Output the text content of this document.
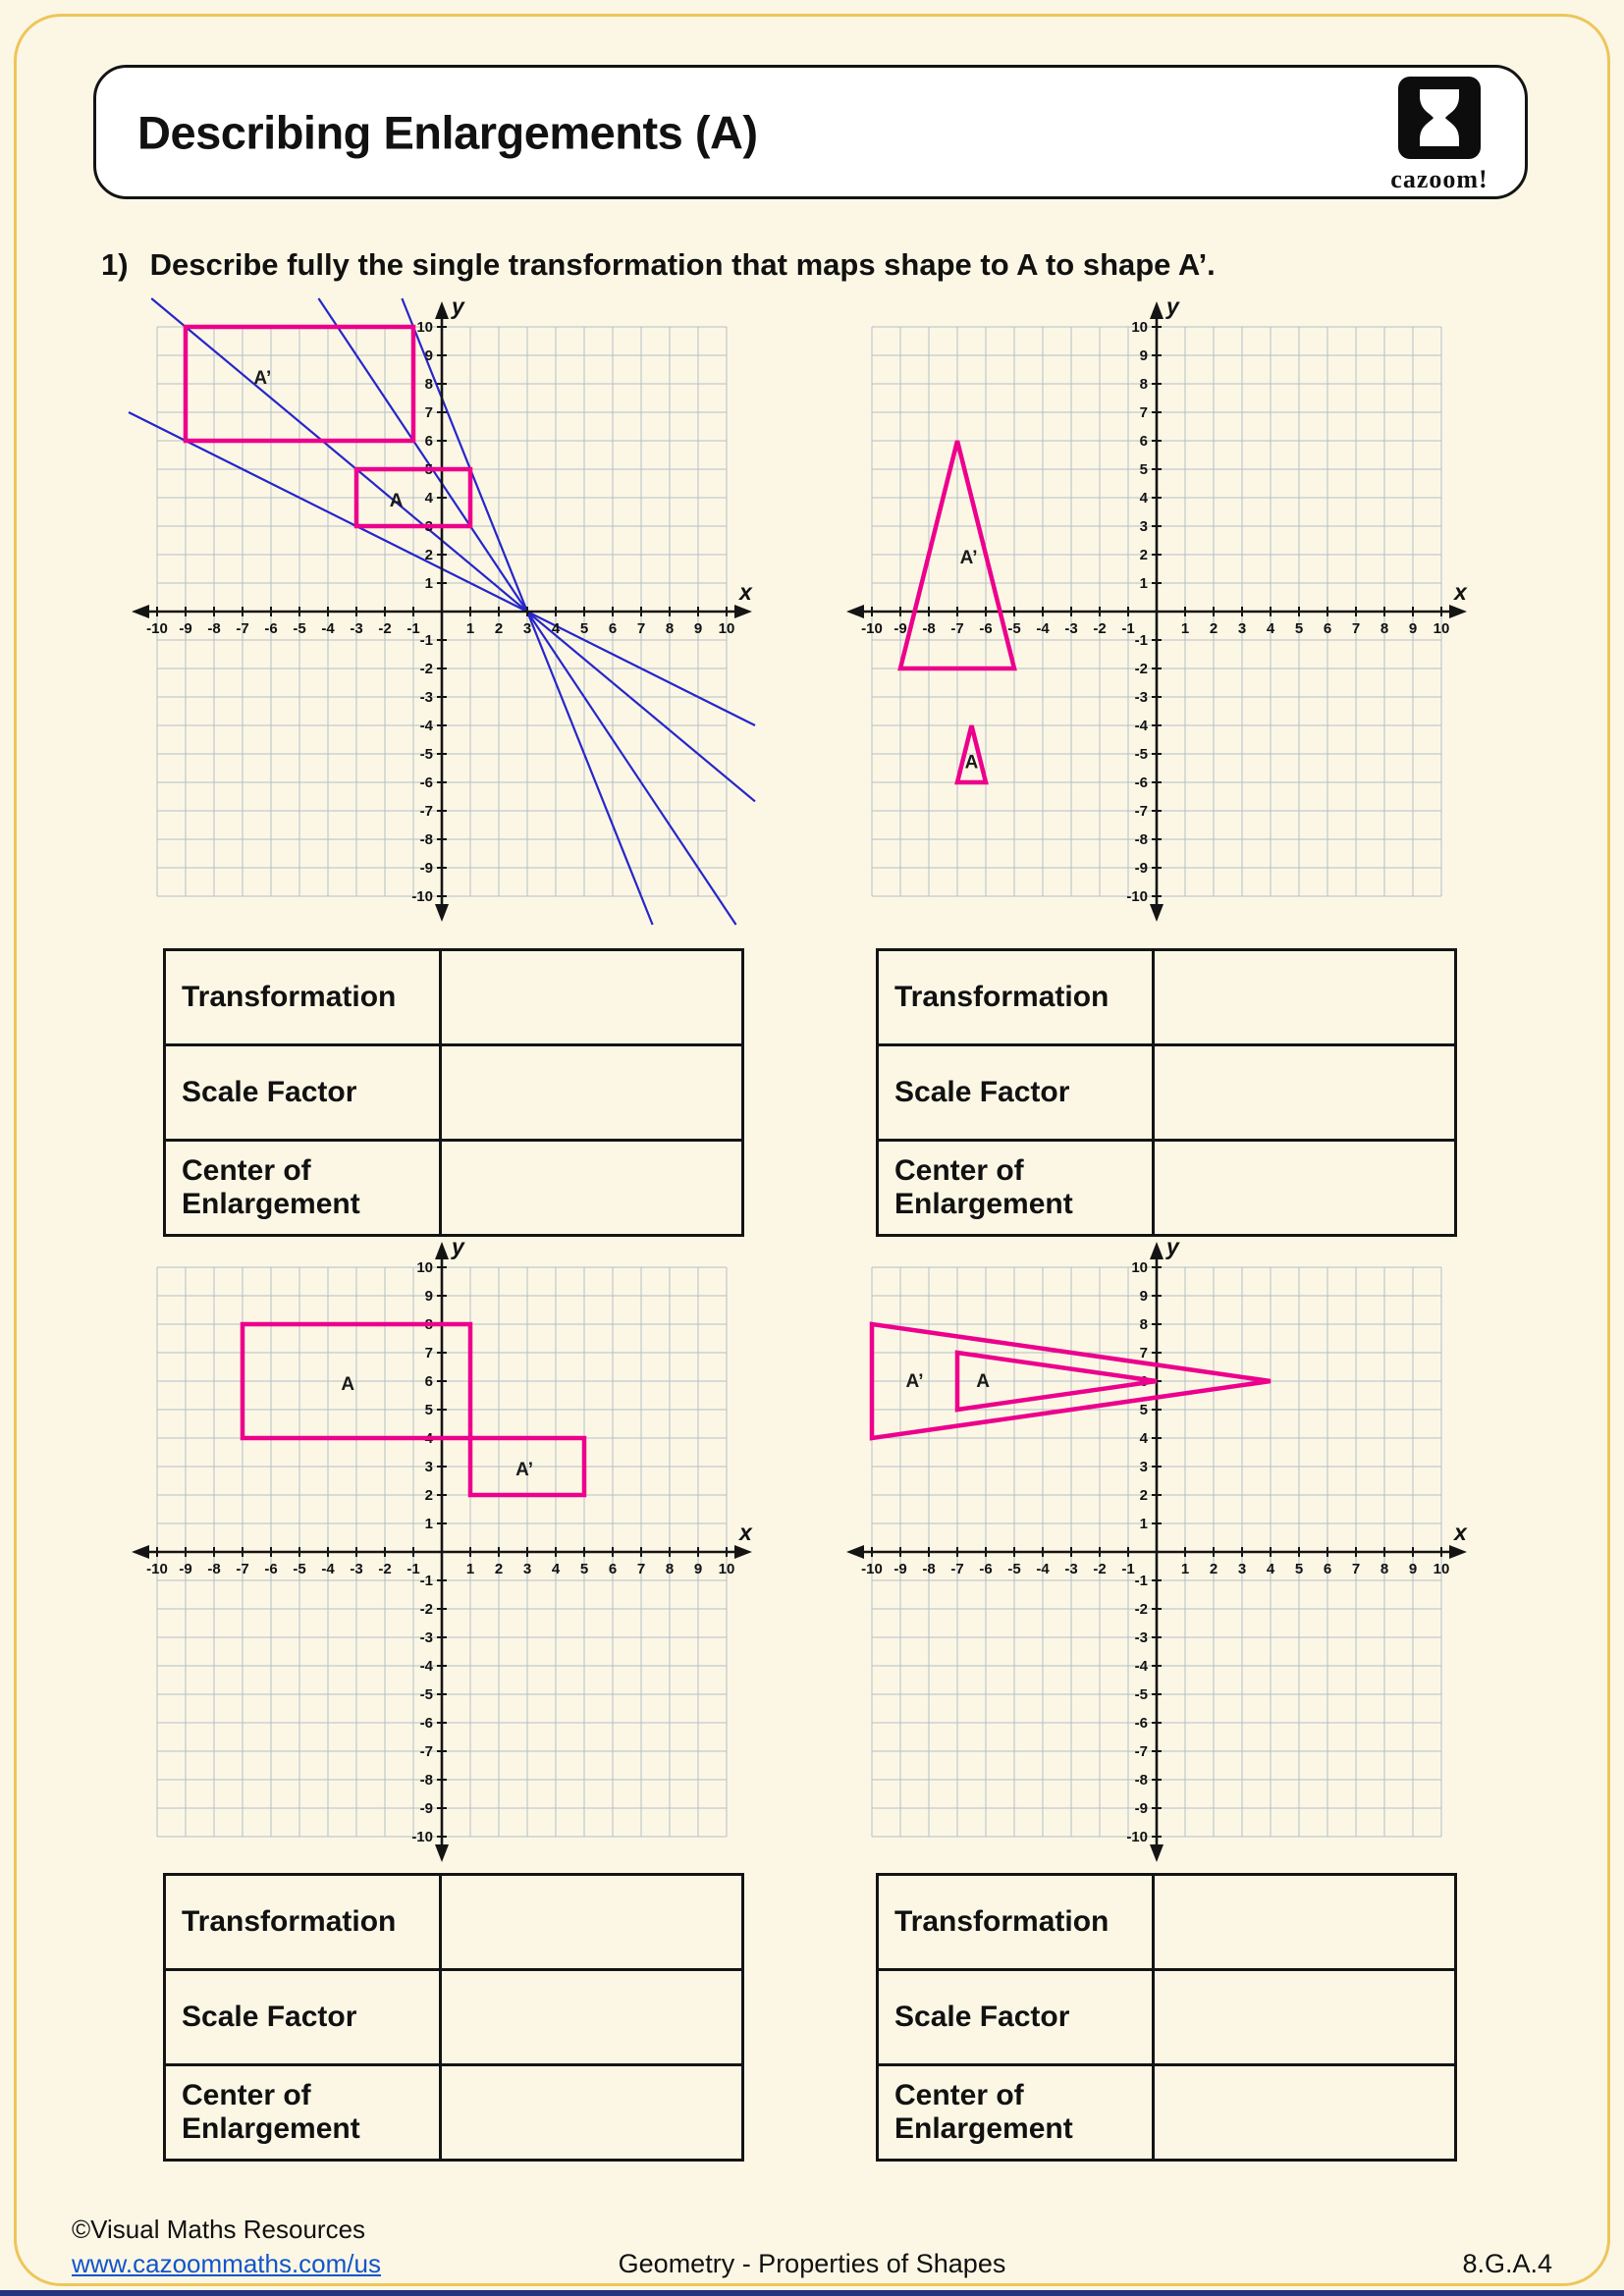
Describing Enlargements (A)
cazoom!
1) Describe fully the single transformation that maps shape to A to shape A’.
-10 -9 -8 -7 -6 -5 -4 -3 -2 -1	1 2 3 4 5 6 7 8 9 10
-10
-9
-8
-7
-6
-5
-4
-3
-2
-1
1
2
3
4
5
6
7
8
9
10
x
y
A’
A
-10 -9 -8 -7 -6 -5 -4 -3 -2 -1	1 2 3 4 5 6 7 8 9 10
-10
-9
-8
-7
-6
-5
-4
-3
-2
-1
1
2
3
4
5
6
7
8
9
10
x
y
A’
A
Transformation	
Scale Factor	
Center of Enlargement	
Transformation	
Scale Factor	
Center of Enlargement	
-10 -9 -8 -7 -6 -5 -4 -3 -2 -1	1 2 3 4 5 6 7 8 9 10
-10
-9
-8
-7
-6
-5
-4
-3
-2
-1
1
2
3
4
5
6
7
8
9
10
x
y
A
A’
-10 -9 -8 -7 -6 -5 -4 -3 -2 -1	1 2 3 4 5 6 7 8 9 10
-10
-9
-8
-7
-6
-5
-4
-3
-2
-1
1
2
3
4
5
6
7
8
9
10
x
y
A’	A
Transformation	
Scale Factor	
Center of Enlargement	
Transformation	
Scale Factor	
Center of Enlargement	
©Visual Maths Resources
www.cazoommaths.com/us	Geometry - Properties of Shapes	8.G.A.4
